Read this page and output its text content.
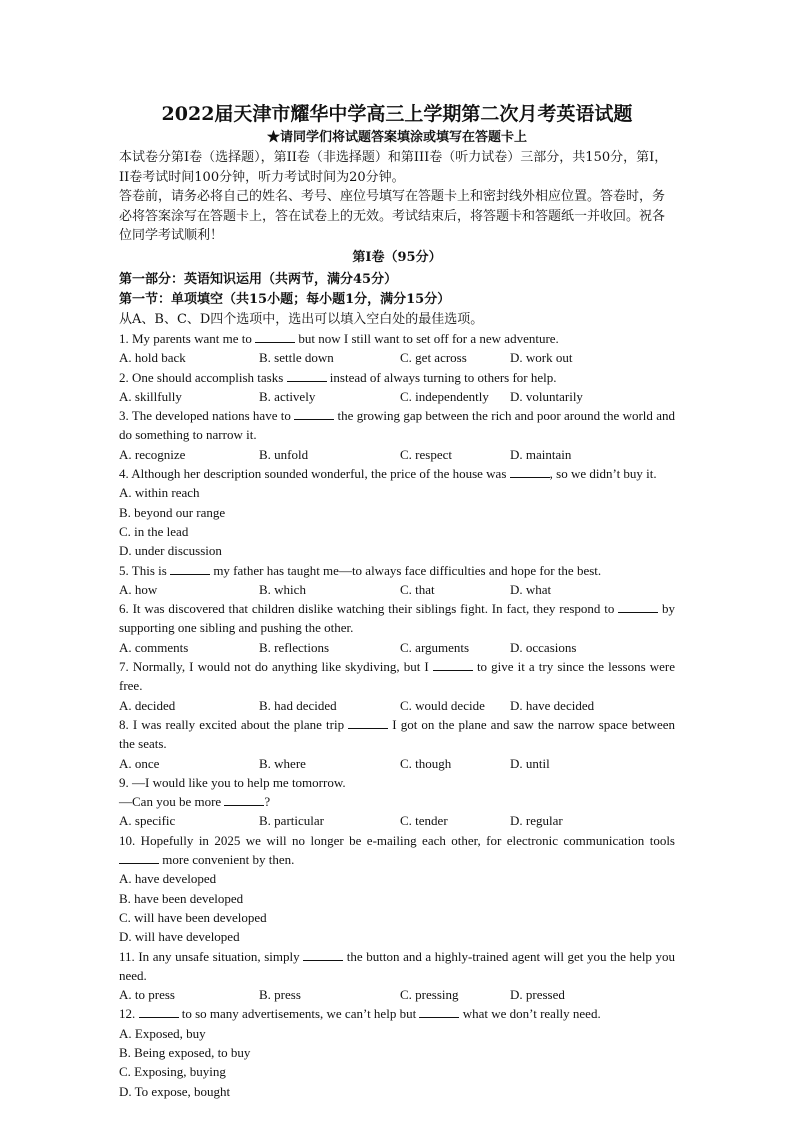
2022届天津市耀华中学高三上学期第二次月考英语试题

★请同学们将试题答案填涂或填写在答题卡上

本试卷分第I卷（选择题），第II卷（非选择题）和第III卷（听力试卷）三部分，共150分，第I，II卷考试时间100分钟，听力考试时间为20分钟。

答卷前，请务必将自己的姓名、考号、座位号填写在答题卡上和密封线外相应位置。答卷时，务必将答案涂写在答题卡上，答在试卷上的无效。考试结束后，将答题卡和答题纸一并收回。祝各位同学考试顺利！

第I卷（95分）

第一部分：英语知识运用（共两节，满分45分）

第一节：单项填空（共15小题；每小题1分，满分15分）

从A、B、C、D四个选项中，选出可以填入空白处的最佳选项。

1. My parents want me to	but now I still want to set off for a new adventure.

A. hold back	B. settle down	C. get across	D. work out

2. One should accomplish tasks	instead of always turning to others for help.

A. skillfully	B. actively	C. independently	D. voluntarily

3. The developed nations have to	the growing gap between the rich and poor around the world and do something to narrow it.

A. recognize	B. unfold	C. respect	D. maintain

4. Although her description sounded wonderful, the price of the house was	, so we didn’t buy it.

A. within reach
B. beyond our range
C. in the lead
D. under discussion

5. This is	my father has taught me—to always face difficulties and hope for the best.

A. how	B. which	C. that	D. what

6. It was discovered that children dislike watching their siblings fight. In fact, they respond to	by supporting one sibling and pushing the other.

A. comments	B. reflections	C. arguments	D. occasions

7. Normally, I would not do anything like skydiving, but I	to give it a try since the lessons were free.

A. decided	B. had decided	C. would decide	D. have decided

8. I was really excited about the plane trip	I got on the plane and saw the narrow space between the seats.

A. once	B. where	C. though	D. until

9. —I would like you to help me tomorrow.

—Can you be more	?

A. specific	B. particular	C. tender	D. regular

10. Hopefully in 2025 we will no longer be e-mailing each other, for electronic communication tools  more convenient by then.

A. have developed
B. have been developed
C. will have been developed
D. will have developed

11. In any unsafe situation, simply	the button and a highly-trained agent will get you the help you need.

A. to press	B. press	C. pressing	D. pressed

12.	to so many advertisements, we can’t help but	what we don’t really need.

A. Exposed, buy
B. Being exposed, to buy
C. Exposing, buying
D. To expose, bought
